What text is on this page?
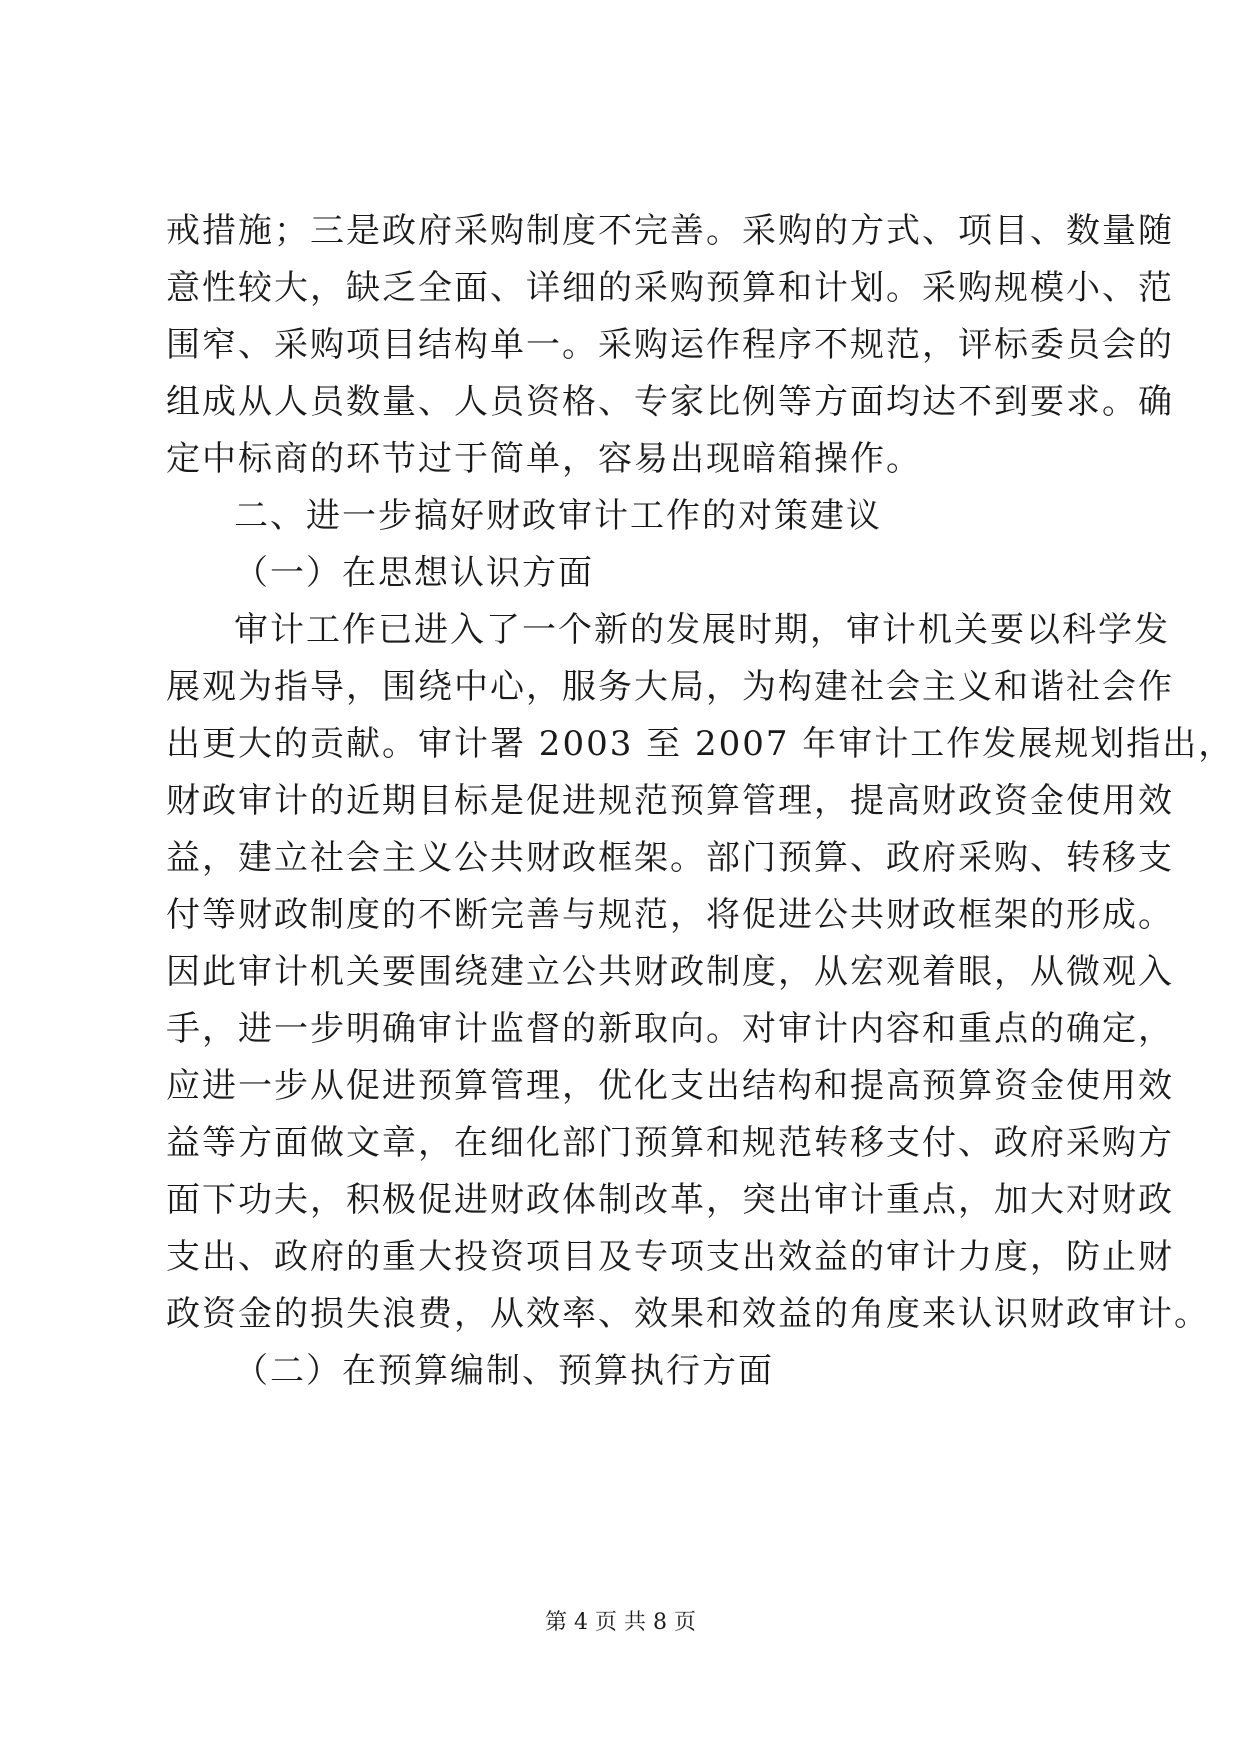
戒措施；三是政府采购制度不完善。采购的方式、项目、数量随
意性较大，缺乏全面、详细的采购预算和计划。采购规模小、范
围窄、采购项目结构单一。采购运作程序不规范，评标委员会的
组成从人员数量、人员资格、专家比例等方面均达不到要求。确
定中标商的环节过于简单，容易出现暗箱操作。
二、进一步搞好财政审计工作的对策建议
（一）在思想认识方面
审计工作已进入了一个新的发展时期，审计机关要以科学发
展观为指导，围绕中心，服务大局，为构建社会主义和谐社会作
出更大的贡献。审计署 2003 至 2007 年审计工作发展规划指出，
财政审计的近期目标是促进规范预算管理，提高财政资金使用效
益，建立社会主义公共财政框架。部门预算、政府采购、转移支
付等财政制度的不断完善与规范，将促进公共财政框架的形成。
因此审计机关要围绕建立公共财政制度，从宏观着眼，从微观入
手，进一步明确审计监督的新取向。对审计内容和重点的确定，
应进一步从促进预算管理，优化支出结构和提高预算资金使用效
益等方面做文章，在细化部门预算和规范转移支付、政府采购方
面下功夫，积极促进财政体制改革，突出审计重点，加大对财政
支出、政府的重大投资项目及专项支出效益的审计力度，防止财
政资金的损失浪费，从效率、效果和效益的角度来认识财政审计。
（二）在预算编制、预算执行方面
第 4 页 共 8 页
